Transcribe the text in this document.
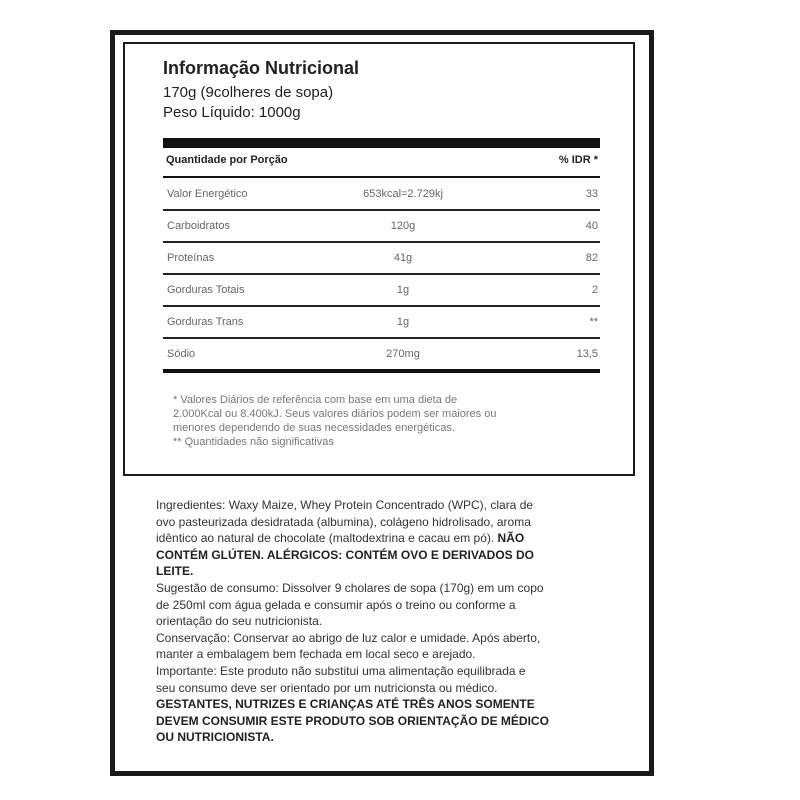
Informação Nutricional
170g (9colheres de sopa)
Peso Líquido: 1000g
Quantidade por Porção	% IDR *
Valor Energético	653kcal=2.729kj	33
Carboidratos	120g	40
Proteínas	41g	82
Gorduras Totais	1g	2
Gorduras Trans	1g	**
Sódio	270mg	13,5
* Valores Diários de referência com base em uma dieta de
2.000Kcal ou 8.400kJ. Seus valores diários podem ser maiores ou
menores dependendo de suas necessidades energéticas.
** Quantidades não significativas
Ingredientes: Waxy Maize, Whey Protein Concentrado (WPC), clara de
ovo pasteurizada desidratada (albumina), colágeno hidrolisado, aroma
idêntico ao natural de chocolate (maltodextrina e cacau em pó). NÃO
CONTÉM GLÚTEN. ALÉRGICOS: CONTÉM OVO E DERIVADOS DO
LEITE.
Sugestão de consumo: Dissolver 9 cholares de sopa (170g) em um copo
de 250ml com água gelada e consumir após o treino ou conforme a
orientação do seu nutricionista.
Conservação: Conservar ao abrigo de luz calor e umidade. Após aberto,
manter a embalagem bem fechada em local seco e arejado.
Importante: Este produto não substitui uma alimentação equilibrada e
seu consumo deve ser orientado por um nutricionsta ou médico.
GESTANTES, NUTRIZES E CRIANÇAS ATÉ TRÊS ANOS SOMENTE
DEVEM CONSUMIR ESTE PRODUTO SOB ORIENTAÇÃO DE MÉDICO
OU NUTRICIONISTA.
